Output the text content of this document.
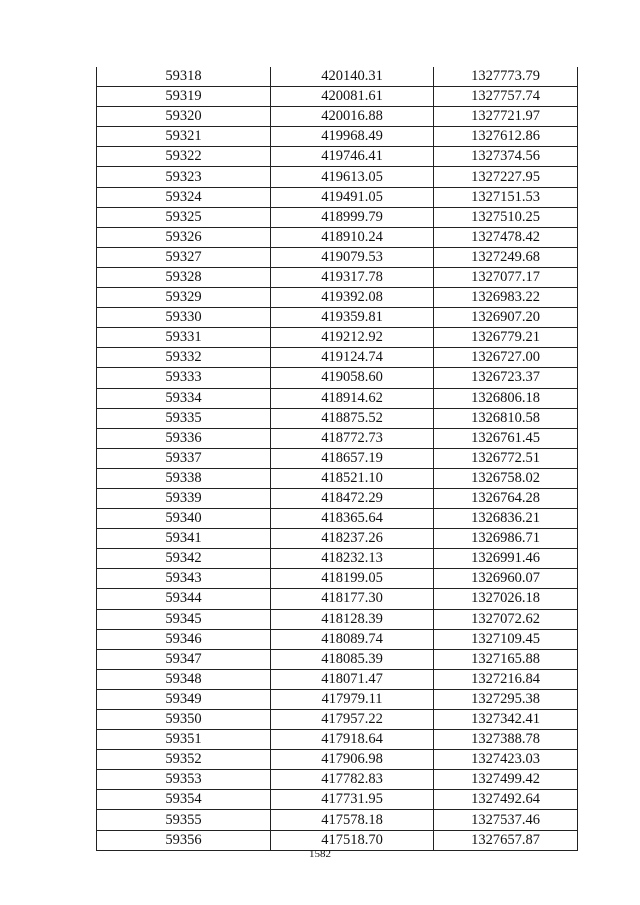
59318	420140.31	1327773.79
59319	420081.61	1327757.74
59320	420016.88	1327721.97
59321	419968.49	1327612.86
59322	419746.41	1327374.56
59323	419613.05	1327227.95
59324	419491.05	1327151.53
59325	418999.79	1327510.25
59326	418910.24	1327478.42
59327	419079.53	1327249.68
59328	419317.78	1327077.17
59329	419392.08	1326983.22
59330	419359.81	1326907.20
59331	419212.92	1326779.21
59332	419124.74	1326727.00
59333	419058.60	1326723.37
59334	418914.62	1326806.18
59335	418875.52	1326810.58
59336	418772.73	1326761.45
59337	418657.19	1326772.51
59338	418521.10	1326758.02
59339	418472.29	1326764.28
59340	418365.64	1326836.21
59341	418237.26	1326986.71
59342	418232.13	1326991.46
59343	418199.05	1326960.07
59344	418177.30	1327026.18
59345	418128.39	1327072.62
59346	418089.74	1327109.45
59347	418085.39	1327165.88
59348	418071.47	1327216.84
59349	417979.11	1327295.38
59350	417957.22	1327342.41
59351	417918.64	1327388.78
59352	417906.98	1327423.03
59353	417782.83	1327499.42
59354	417731.95	1327492.64
59355	417578.18	1327537.46
59356	417518.70	1327657.87
1582
